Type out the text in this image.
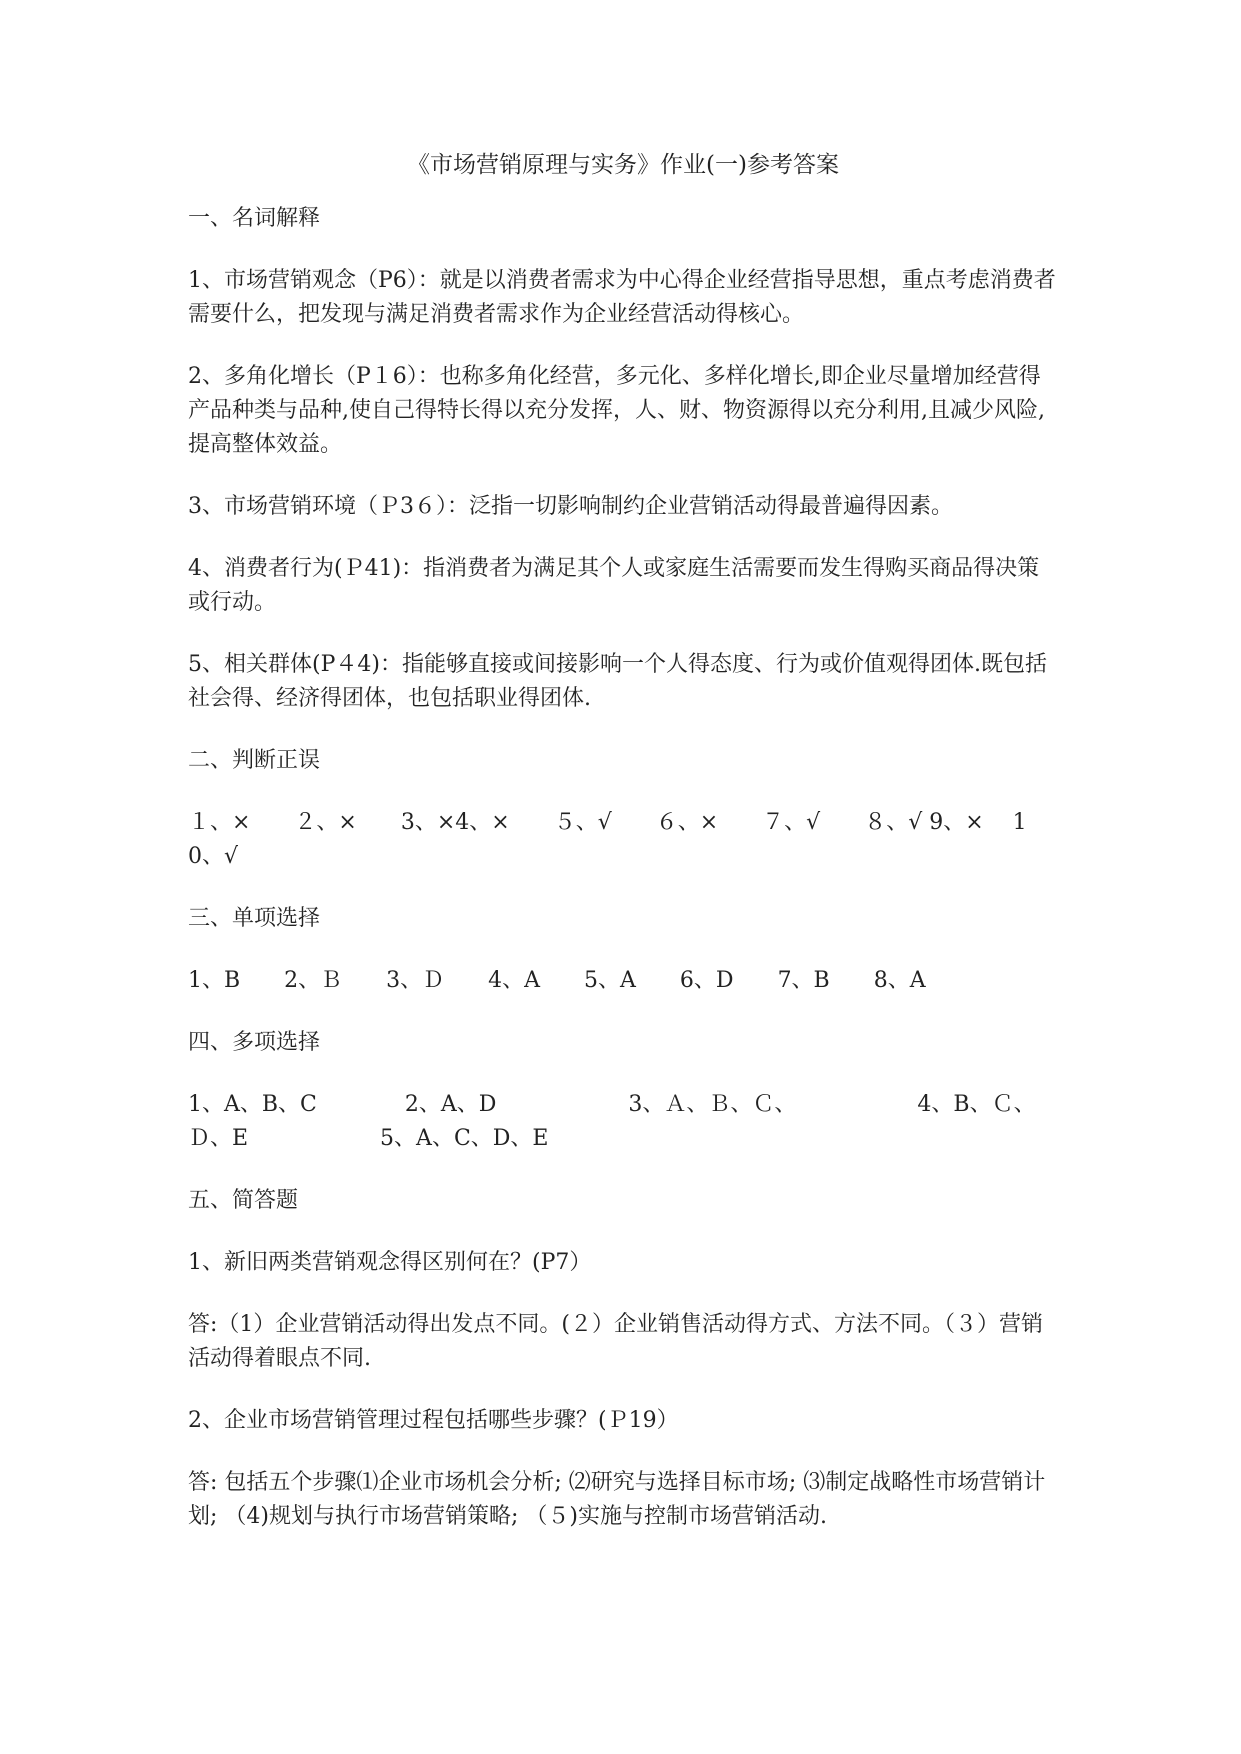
《市场营销原理与实务》作业(一)参考答案
一、名词解释
1、市场营销观念（P6）：就是以消费者需求为中心得企业经营指导思想，重点考虑消费者需要什么，把发现与满足消费者需求作为企业经营活动得核心。
2、多角化增长（P１6）：也称多角化经营，多元化、多样化增长,即企业尽量增加经营得产品种类与品种,使自己得特长得以充分发挥，人、财、物资源得以充分利用,且减少风险,提高整体效益。
3、市场营销环境（Ｐ3６）：泛指一切影响制约企业营销活动得最普遍得因素。
4、消费者行为(Ｐ41)：指消费者为满足其个人或家庭生活需要而发生得购买商品得决策或行动。
5、相关群体(P４4)：指能够直接或间接影响一个人得态度、行为或价值观得团体.既包括社会得、经济得团体，也包括职业得团体.
二、判断正误
１、×　　２、×　　3、×4、×　　５、√　　６、×　　７、√　　８、√ 9、×　 10、√
三、单项选择
1、B　　2、Ｂ　　3、Ｄ　　4、A　　5、A　　6、D　　7、B　　8、A
四、多项选择
1、A、B、C　　　　2、A、D　　　　　　3、Ａ、Ｂ、Ｃ、　　　　　　4、B、Ｃ、Ｄ、E　　　　　　5、A、C、D、E
五、简答题
1、新旧两类营销观念得区别何在？(P7）
答:（1）企业营销活动得出发点不同。(２）企业销售活动得方式、方法不同。（３）营销活动得着眼点不同.
2、企业市场营销管理过程包括哪些步骤？(Ｐ19）
答: 包括五个步骤⑴企业市场机会分析; ⑵研究与选择目标市场; ⑶制定战略性市场营销计划; （4)规划与执行市场营销策略; （５)实施与控制市场营销活动.
